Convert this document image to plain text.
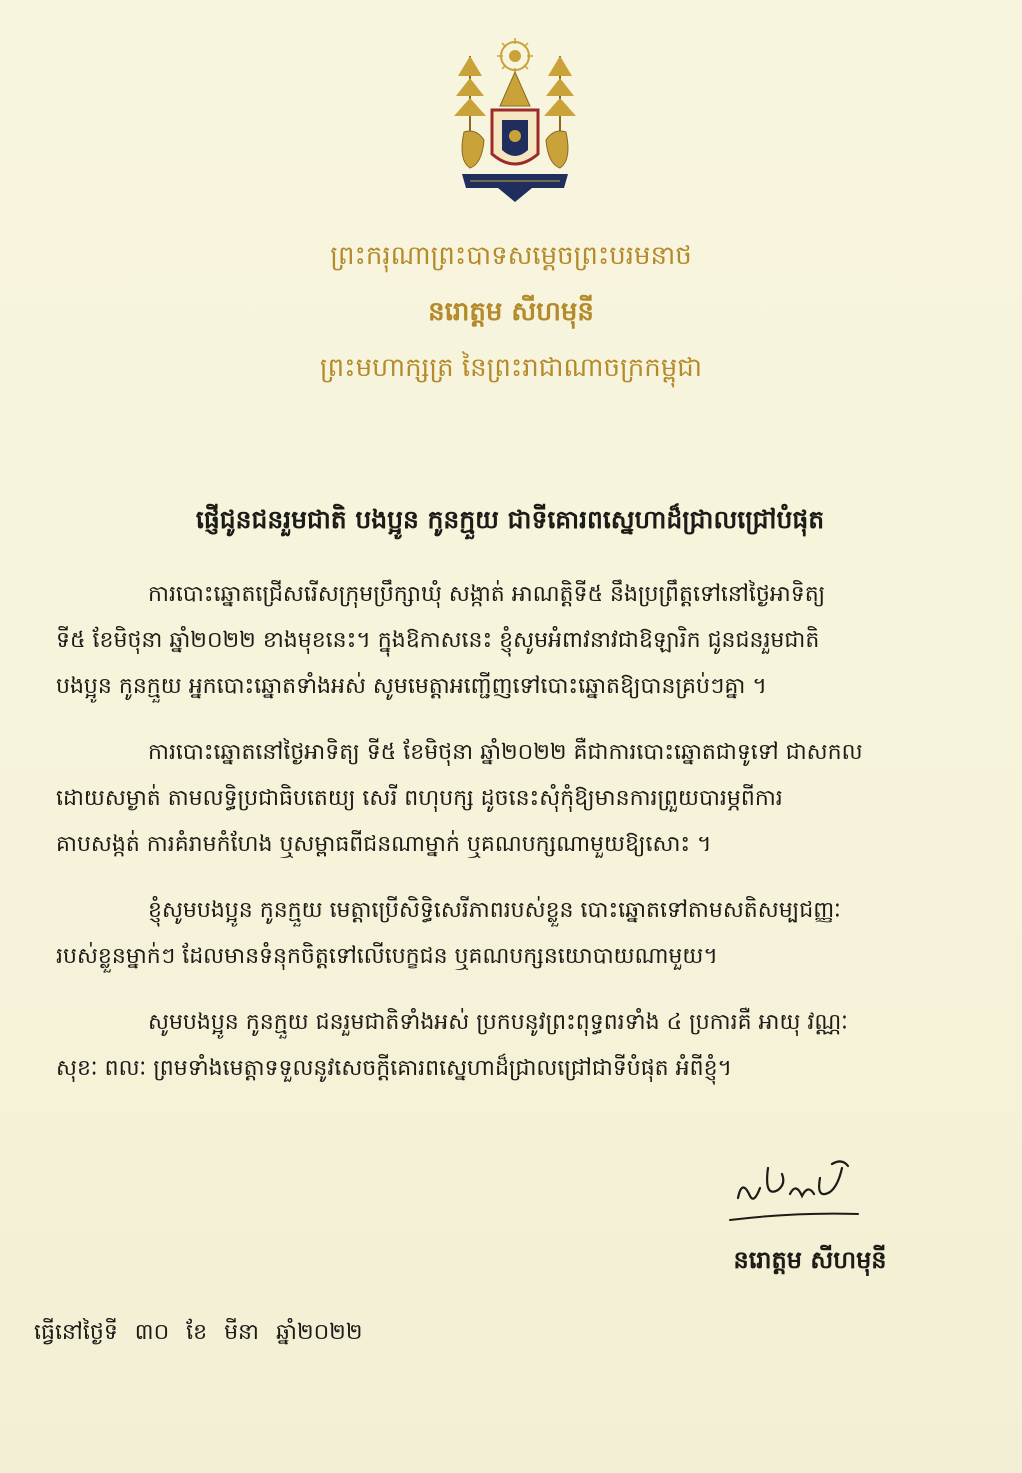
ព្រះករុណាព្រះបាទសម្ដេចព្រះបរមនាថ
នរោត្តម សីហមុនី
ព្រះមហាក្សត្រ នៃព្រះរាជាណាចក្រកម្ពុជា
ផ្ញើជូនជនរួមជាតិ បងប្អូន កូនក្មួយ ជាទីគោរពស្នេហាដ៏ជ្រាលជ្រៅបំផុត
ការបោះឆ្នោតជ្រើសរើសក្រុមប្រឹក្សាឃុំ សង្កាត់ អាណត្តិទី៥ នឹងប្រព្រឹត្តទៅនៅថ្ងៃអាទិត្យ
ទី៥ ខែមិថុនា ឆ្នាំ២០២២ ខាងមុខនេះ។ ក្នុងឱកាសនេះ ខ្ញុំសូមអំពាវនាវជាឱឡារិក ជូនជនរួមជាតិ
បងប្អូន កូនក្មួយ អ្នកបោះឆ្នោតទាំងអស់ សូមមេត្តាអញ្ជើញទៅបោះឆ្នោតឱ្យបានគ្រប់ៗគ្នា ។
ការបោះឆ្នោតនៅថ្ងៃអាទិត្យ ទី៥ ខែមិថុនា ឆ្នាំ២០២២ គឺជាការបោះឆ្នោតជាទូទៅ ជាសកល
ដោយសម្ងាត់ តាមលទ្ធិប្រជាធិបតេយ្យ សេរី ពហុបក្ស ដូចនេះសុំកុំឱ្យមានការព្រួយបារម្ភពីការ
គាបសង្កត់ ការគំរាមកំហែង ឬសម្ពាធពីជនណាម្នាក់ ឬគណបក្សណាមួយឱ្យសោះ ។
ខ្ញុំសូមបងប្អូន កូនក្មួយ មេត្តាប្រើសិទ្ធិសេរីភាពរបស់ខ្លួន បោះឆ្នោតទៅតាមសតិសម្បជញ្ញៈ
របស់ខ្លួនម្នាក់ៗ ដែលមានទំនុកចិត្តទៅលើបេក្ខជន ឬគណបក្សនយោបាយណាមួយ។
សូមបងប្អូន កូនក្មួយ ជនរួមជាតិទាំងអស់ ប្រកបនូវព្រះពុទ្ធពរទាំង ៤ ប្រការគឺ អាយុ វណ្ណៈ
សុខៈ ពលៈ ព្រមទាំងមេត្តាទទួលនូវសេចក្ដីគោរពស្នេហាដ៏ជ្រាលជ្រៅជាទីបំផុត អំពីខ្ញុំ។
នរោត្តម សីហមុនី
ធ្វើនៅថ្ងៃទី ៣០ ខែ មីនា ឆ្នាំ២០២២
